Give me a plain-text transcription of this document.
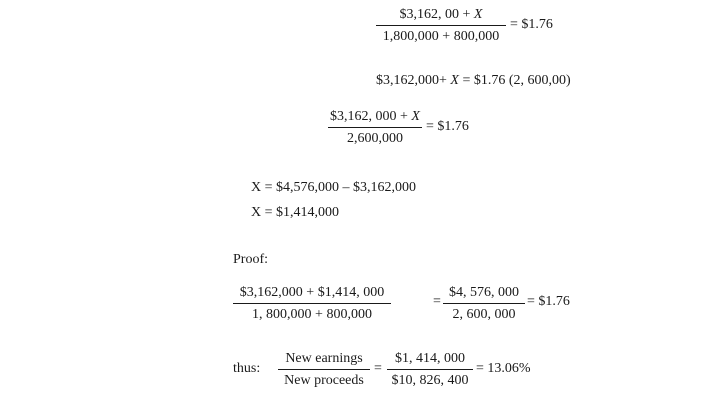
$3,162, 00 + X
1,800,000 + 800,000
= $1.76
$3,162,000+ X = $1.76 (2, 600,00)
$3,162, 000 + X
2,600,000
= $1.76
X = $4,576,000 – $3,162,000
X = $1,414,000
Proof:
$3,162,000 + $1,414, 000
1, 800,000 + 800,000
=
$4, 576, 000
2, 600, 000
= $1.76
thus:
New earnings
New proceeds
=
$1, 414, 000
$10, 826, 400
= 13.06%
